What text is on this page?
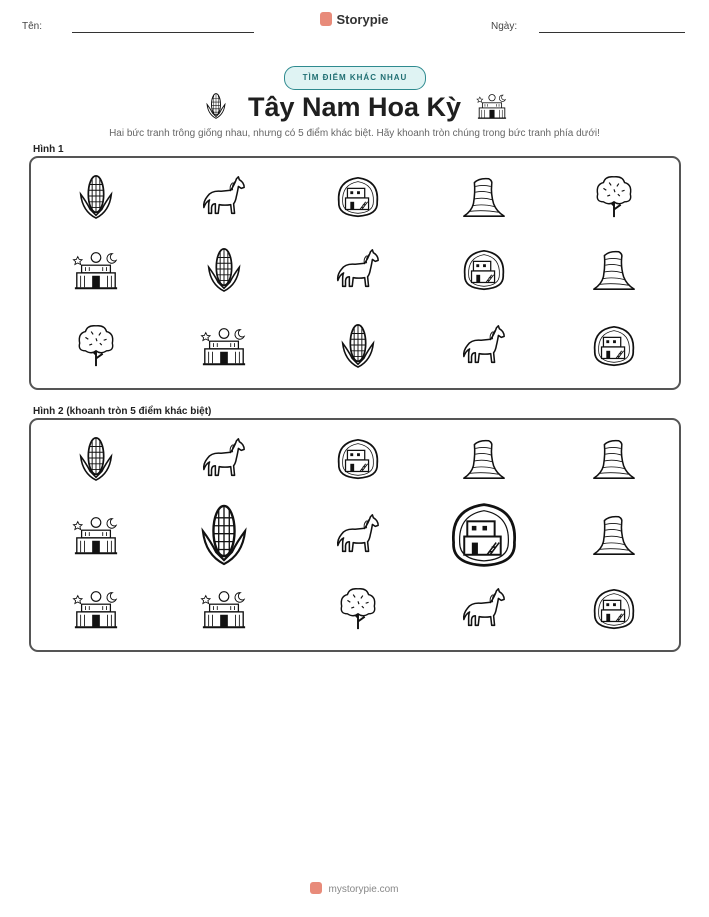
Tên:	Storypie	Ngày:
TÌM ĐIỂM KHÁC NHAU
Tây Nam Hoa Kỳ
Hai bức tranh trông giống nhau, nhưng có 5 điểm khác biệt. Hãy khoanh tròn chúng trong bức tranh phía dưới!
Hình 1
Hình 2 (khoanh tròn 5 điểm khác biệt)
mystorypie.com
